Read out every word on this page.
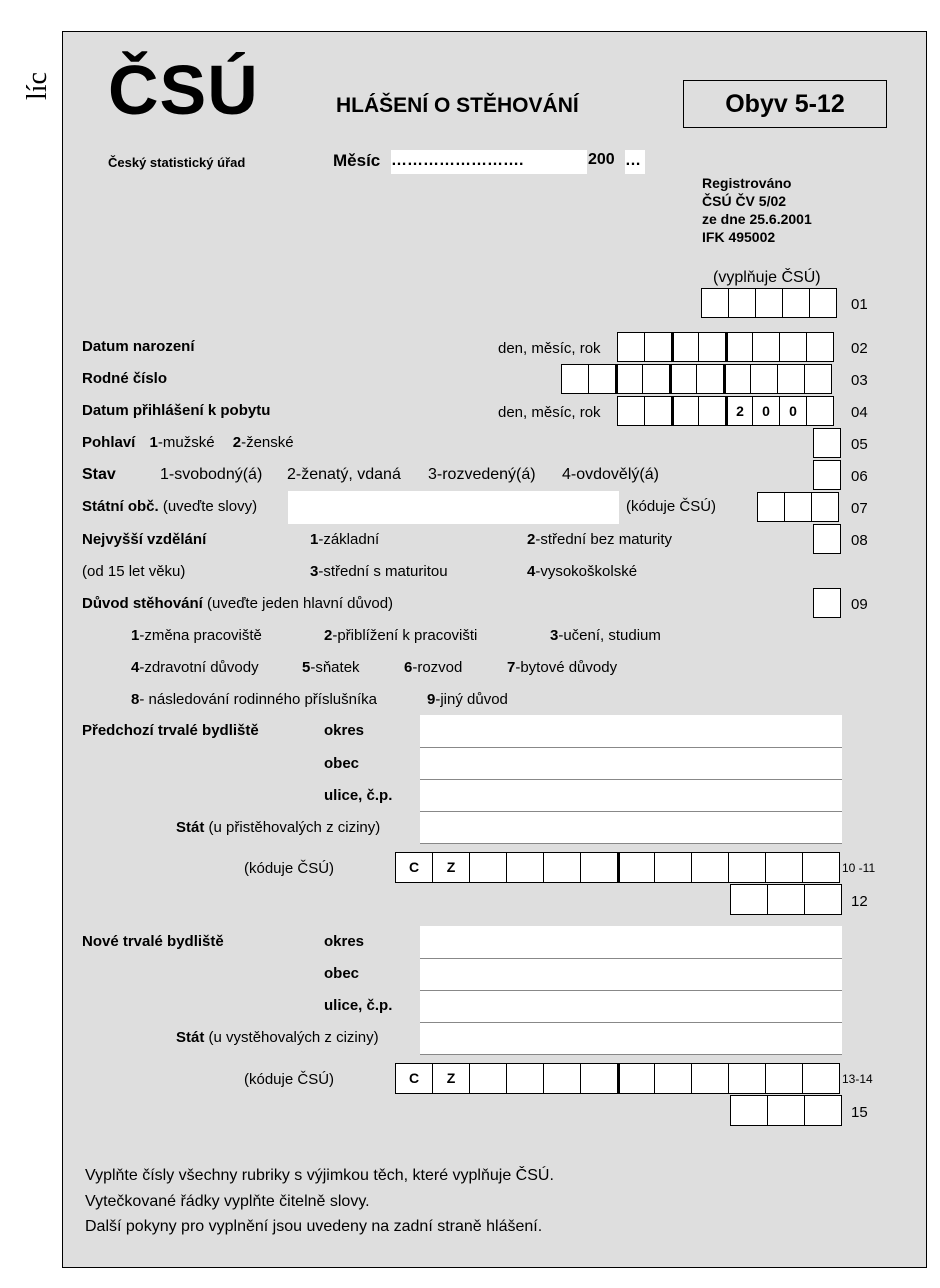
líc ČSÚ	HLÁŠENÍ O STĚHOVÁNÍ	Obyv 5-12
Český statistický úřad	Měsíc …………………….	200 …
Registrováno
ČSÚ ČV 5/02
ze dne 25.6.2001
IFK 495002
(vyplňuje ČSÚ)
01
Datum narození	den, měsíc, rok	02
Rodné číslo	03
Datum přihlášení k pobytu	den, měsíc, rok	2	0	0	04
Pohlaví 1-mužské 2-ženské	05
Stav	1-svobodný(á) 2-ženatý, vdaná 3-rozvedený(á) 4-ovdovělý(á)	06
Státní obč. (uveďte slovy)	(kóduje ČSÚ)	07
Nejvyšší vzdělání
(od 15 let věku)
1-základní	2-střední bez maturity
3-střední s maturitou	4-vysokoškolské
08
Důvod stěhování (uveďte jeden hlavní důvod)	09
1-změna pracoviště	2-přiblížení k pracovišti	3-učení, studium
4-zdravotní důvody	5-sňatek	6-rozvod	7-bytové důvody
8- následování rodinného příslušníka	9-jiný důvod
Předchozí trvalé bydliště	okres
obec
ulice, č.p.
Stát (u přistěhovalých z ciziny)
(kóduje ČSÚ)	C	Z	10 -11
12
Nové trvalé bydliště	okres
obec
ulice, č.p.
Stát (u vystěhovalých z ciziny)
(kóduje ČSÚ)	C	Z	13-14
15
Vyplňte čísly všechny rubriky s výjimkou těch, které vyplňuje ČSÚ.
Vytečkované řádky vyplňte čitelně slovy.
Další pokyny pro vyplnění jsou uvedeny na zadní straně hlášení.
